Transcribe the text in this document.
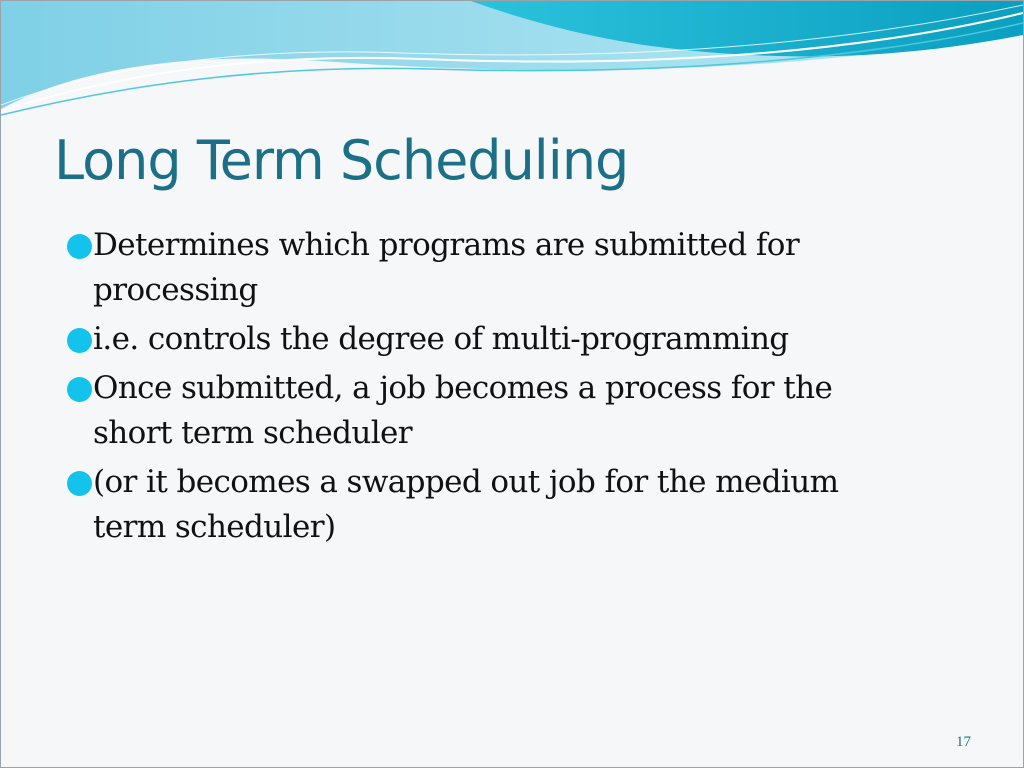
Long Term Scheduling
Determines which programs are submitted for
processing
i.e. controls the degree of multi-programming
Once submitted, a job becomes a process for the
short term scheduler
(or it becomes a swapped out job for the medium
term scheduler)
17
